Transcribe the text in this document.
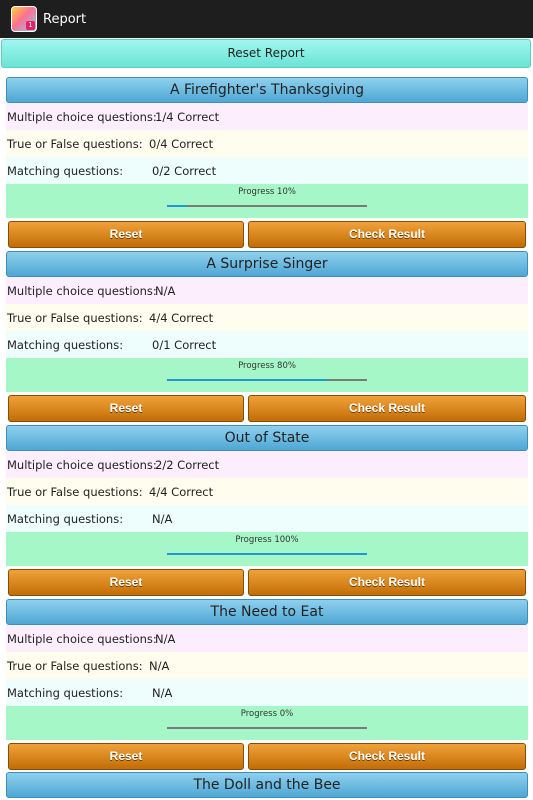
1 Report
Reset Report
A Firefighter's Thanksgiving
Multiple choice questions:
1/4 Correct
True or False questions: 0/4 Correct
Matching questions:	0/2 Correct
Progress 10%
Reset	Check Result
A Surprise Singer
Multiple choice questions:
N/A
True or False questions: 4/4 Correct
Matching questions:	0/1 Correct
Progress 80%
Reset	Check Result
Out of State
Multiple choice questions:
2/2 Correct
True or False questions: 4/4 Correct
Matching questions:	N/A
Progress 100%
Reset	Check Result
The Need to Eat
Multiple choice questions:
N/A
True or False questions: N/A
Matching questions:	N/A
Progress 0%
Reset	Check Result
The Doll and the Bee
